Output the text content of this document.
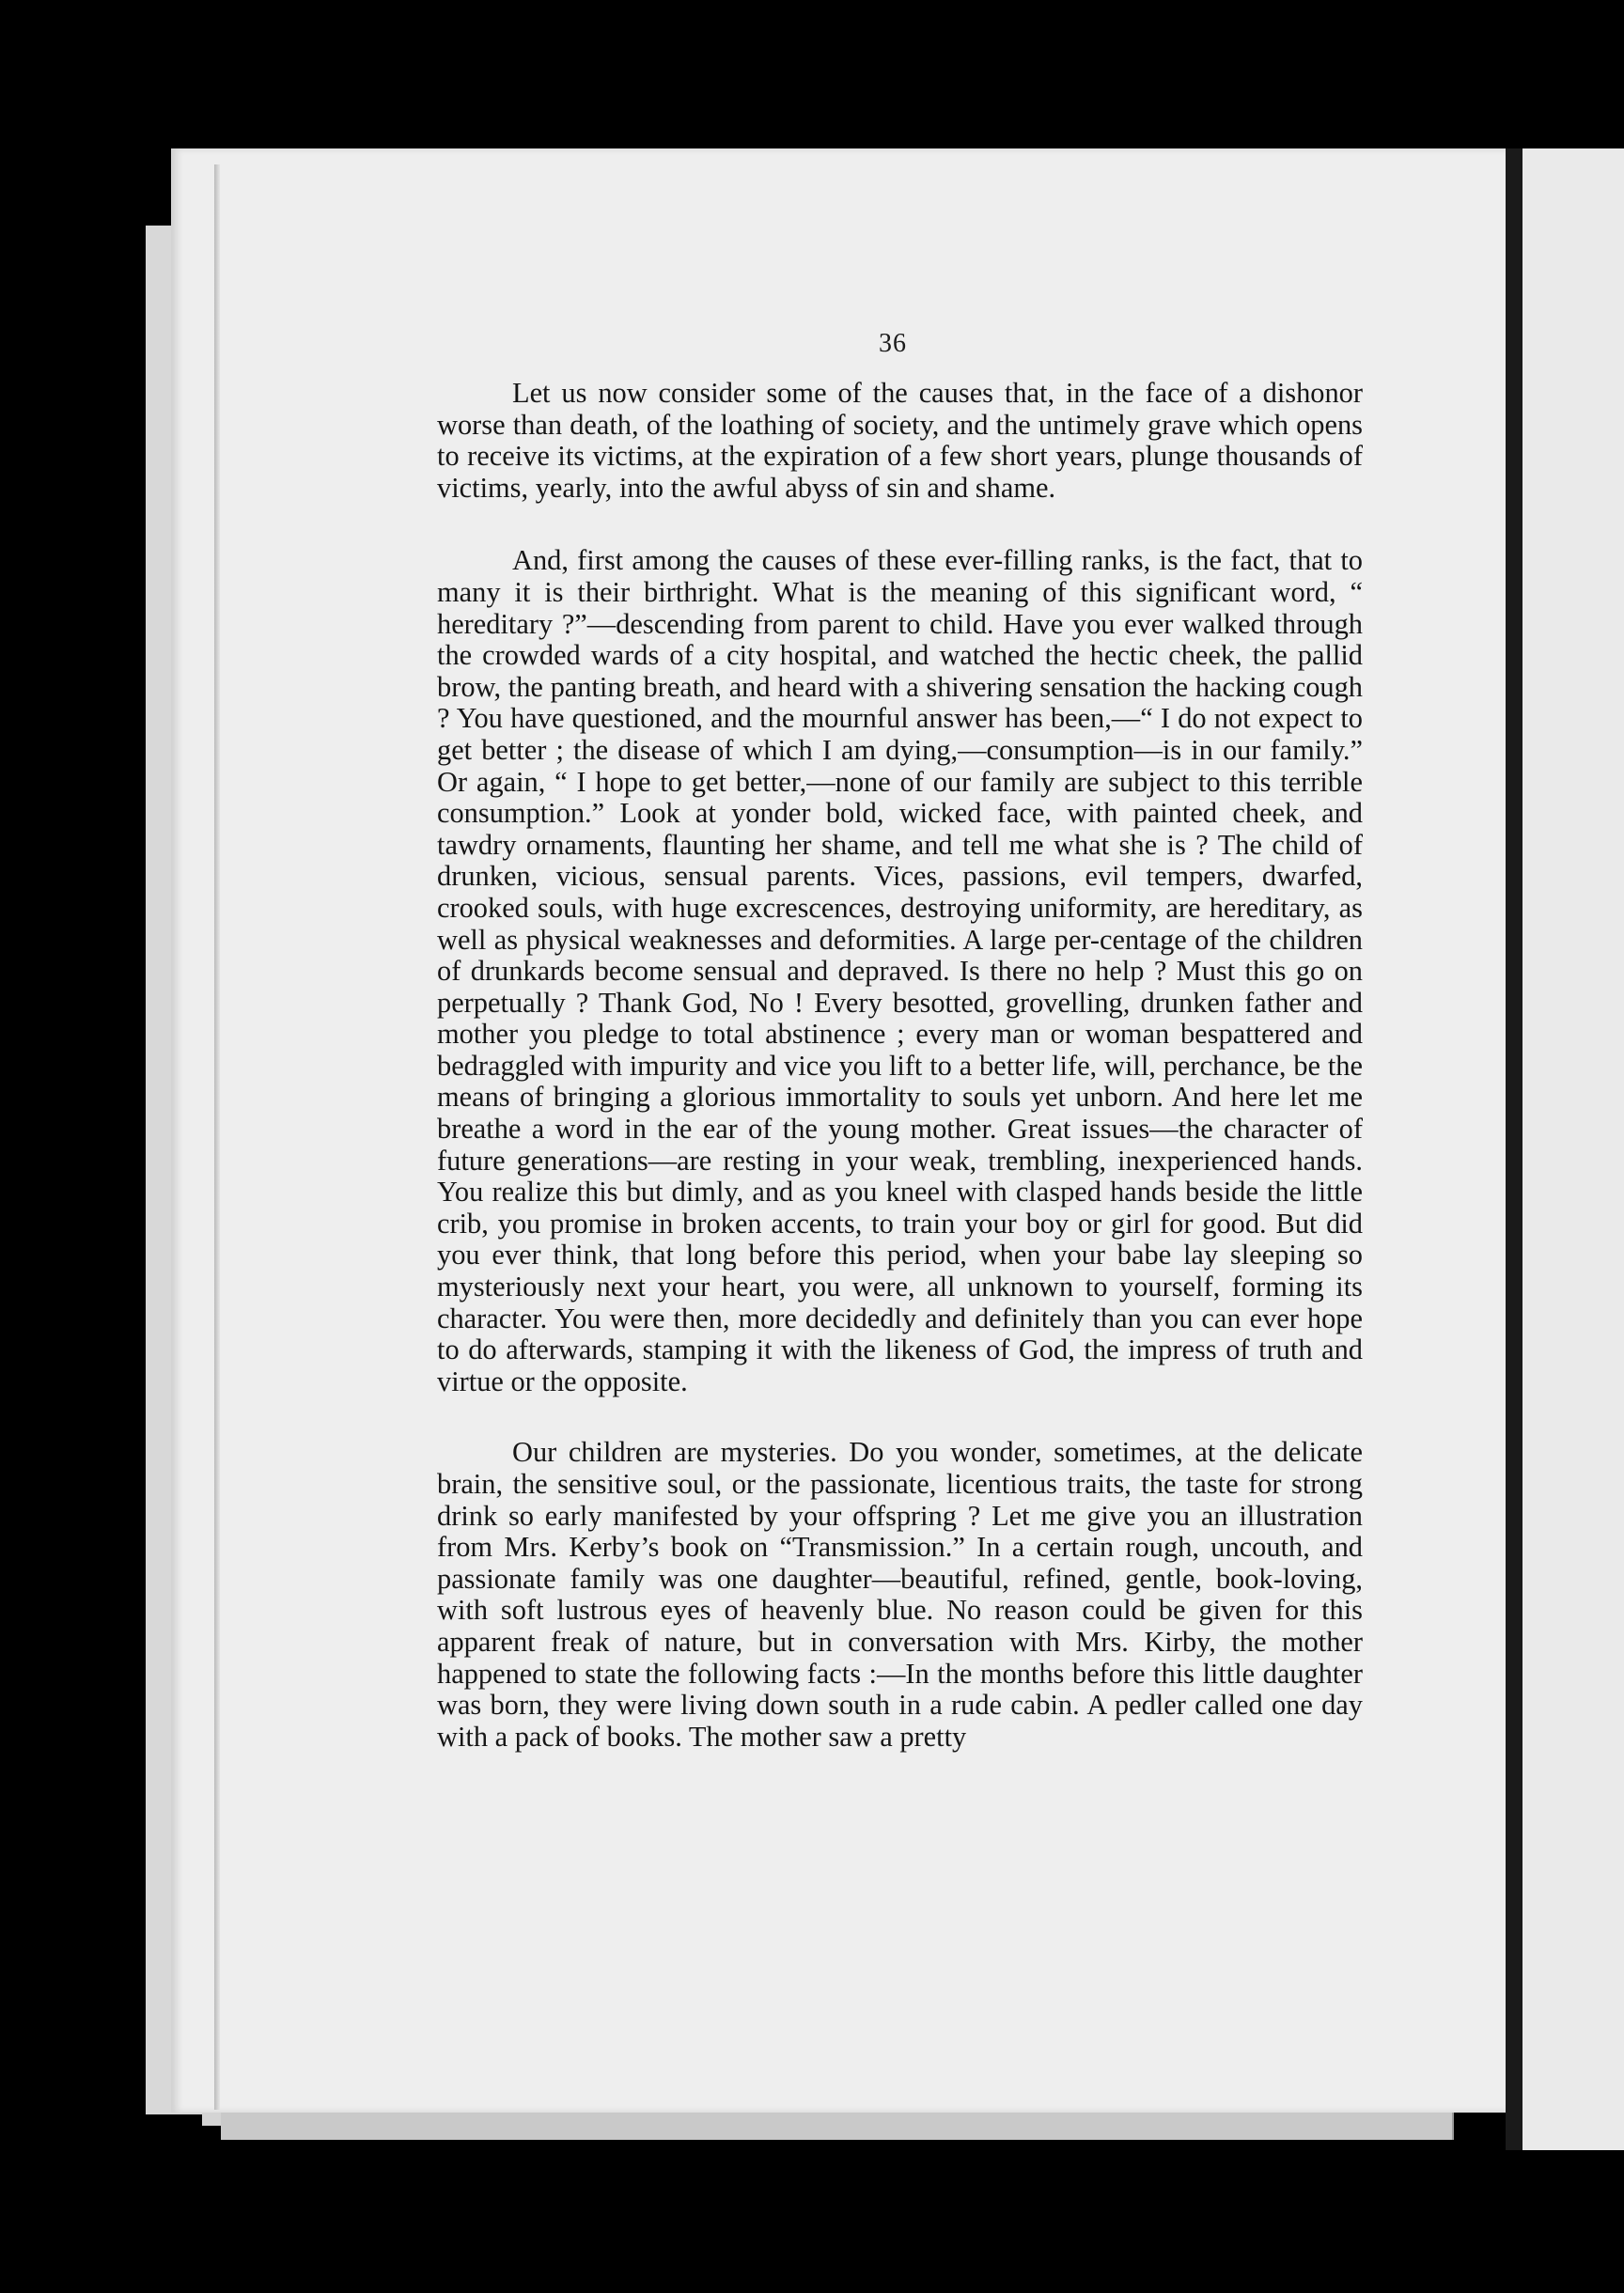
36

Let us now consider some of the causes that, in the face of a dishonor worse than death, of the loathing of society, and the untimely grave which opens to receive its victims, at the expiration of a few short years, plunge thousands of victims, yearly, into the awful abyss of sin and shame.

And, first among the causes of these ever-filling ranks, is the fact, that to many it is their birthright. What is the meaning of this significant word, “ hereditary ?”—descending from parent to child. Have you ever walked through the crowded wards of a city hospital, and watched the hectic cheek, the pallid brow, the panting breath, and heard with a shivering sensation the hacking cough ? You have questioned, and the mournful answer has been,—“ I do not expect to get better ; the disease of which I am dying,—consumption—is in our family.” Or again, “ I hope to get better,—none of our family are subject to this terrible consumption.” Look at yonder bold, wicked face, with painted cheek, and tawdry ornaments, flaunting her shame, and tell me what she is ? The child of drunken, vicious, sensual parents. Vices, passions, evil tempers, dwarfed, crooked souls, with huge excrescences, destroying uniformity, are hereditary, as well as physical weaknesses and deformities. A large per-centage of the children of drunkards become sensual and depraved. Is there no help ? Must this go on perpetually ? Thank God, No ! Every besotted, grovelling, drunken father and mother you pledge to total abstinence ; every man or woman bespattered and bedraggled with impurity and vice you lift to a better life, will, perchance, be the means of bringing a glorious immortality to souls yet unborn. And here let me breathe a word in the ear of the young mother. Great issues—the character of future generations—are resting in your weak, trembling, inexperienced hands. You realize this but dimly, and as you kneel with clasped hands beside the little crib, you promise in broken accents, to train your boy or girl for good. But did you ever think, that long before this period, when your babe lay sleeping so mysteriously next your heart, you were, all unknown to yourself, forming its character. You were then, more decidedly and definitely than you can ever hope to do afterwards, stamping it with the likeness of God, the impress of truth and virtue or the opposite.

Our children are mysteries. Do you wonder, sometimes, at the delicate brain, the sensitive soul, or the passionate, licentious traits, the taste for strong drink so early manifested by your offspring ? Let me give you an illustration from Mrs. Kerby’s book on “Transmission.” In a certain rough, uncouth, and passionate family was one daughter—beautiful, refined, gentle, book-loving, with soft lustrous eyes of heavenly blue. No reason could be given for this apparent freak of nature, but in conversation with Mrs. Kirby, the mother happened to state the following facts :—In the months before this little daughter was born, they were living down south in a rude cabin. A pedler called one day with a pack of books. The mother saw a pretty
